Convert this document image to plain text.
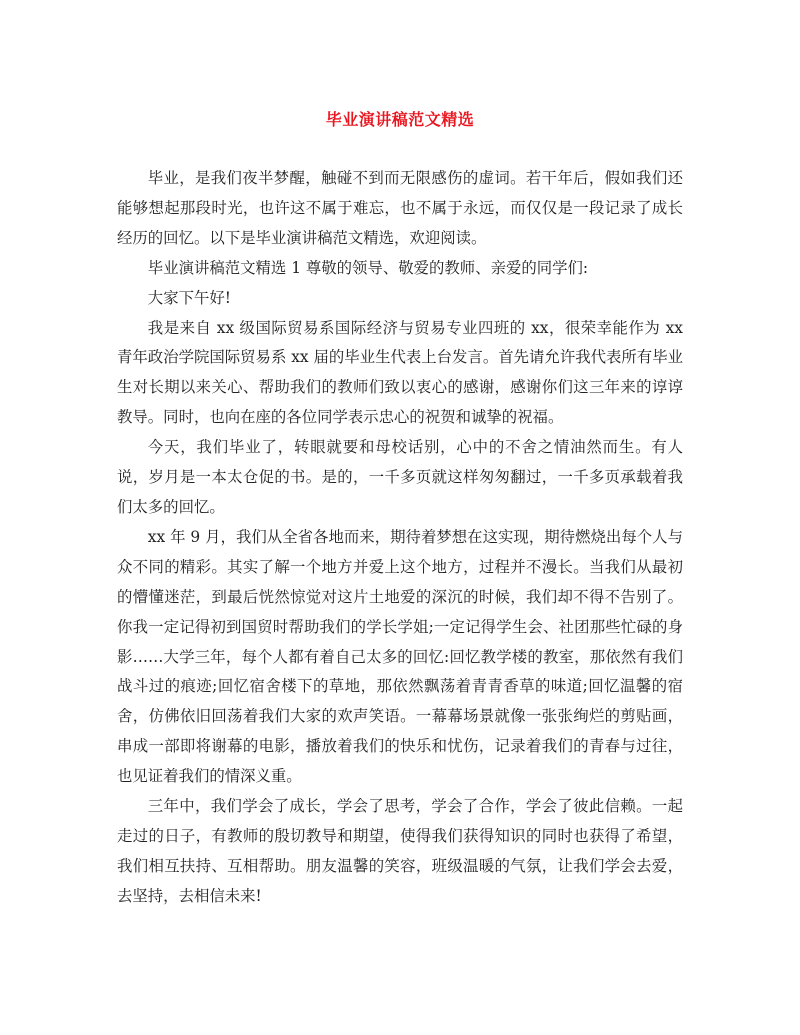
毕业演讲稿范文精选

毕业，是我们夜半梦醒，触碰不到而无限感伤的虚词。若干年后，假如我们还能够想起那段时光，也许这不属于难忘，也不属于永远，而仅仅是一段记录了成长经历的回忆。以下是毕业演讲稿范文精选，欢迎阅读。

毕业演讲稿范文精选 1 尊敬的领导、敬爱的教师、亲爱的同学们:

大家下午好!

我是来自 xx 级国际贸易系国际经济与贸易专业四班的 xx，很荣幸能作为 xx 青年政治学院国际贸易系 xx 届的毕业生代表上台发言。首先请允许我代表所有毕业生对长期以来关心、帮助我们的教师们致以衷心的感谢，感谢你们这三年来的谆谆教导。同时，也向在座的各位同学表示忠心的祝贺和诚挚的祝福。

今天，我们毕业了，转眼就要和母校话别，心中的不舍之情油然而生。有人说，岁月是一本太仓促的书。是的，一千多页就这样匆匆翻过，一千多页承载着我们太多的回忆。

xx 年 9 月，我们从全省各地而来，期待着梦想在这实现，期待燃烧出每个人与众不同的精彩。其实了解一个地方并爱上这个地方，过程并不漫长。当我们从最初的懵懂迷茫，到最后恍然惊觉对这片土地爱的深沉的时候，我们却不得不告别了。你我一定记得初到国贸时帮助我们的学长学姐;一定记得学生会、社团那些忙碌的身影……大学三年，每个人都有着自己太多的回忆:回忆教学楼的教室，那依然有我们战斗过的痕迹;回忆宿舍楼下的草地，那依然飘荡着青青香草的味道;回忆温馨的宿舍，仿佛依旧回荡着我们大家的欢声笑语。一幕幕场景就像一张张绚烂的剪贴画，串成一部即将谢幕的电影，播放着我们的快乐和忧伤，记录着我们的青春与过往，也见证着我们的情深义重。

三年中，我们学会了成长，学会了思考，学会了合作，学会了彼此信赖。一起走过的日子，有教师的殷切教导和期望，使得我们获得知识的同时也获得了希望，我们相互扶持、互相帮助。朋友温馨的笑容，班级温暖的气氛，让我们学会去爱，去坚持，去相信未来!
